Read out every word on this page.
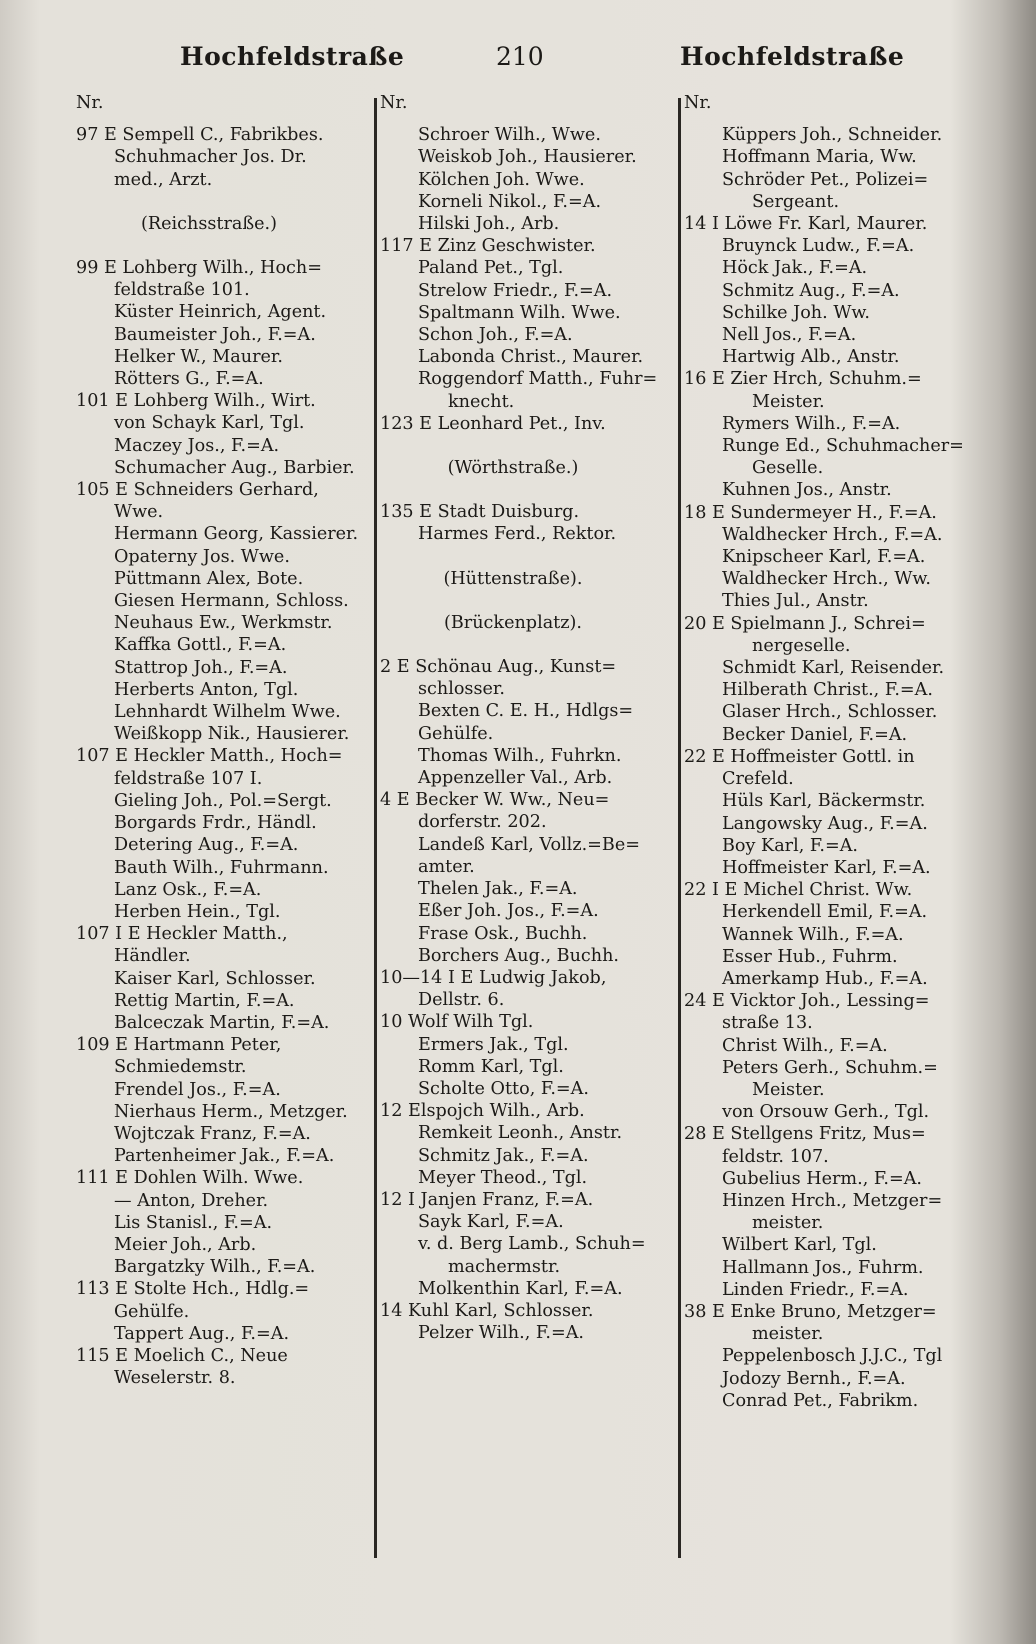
Hochfeldstraße	210	Hochfeldstraße
Nr.
97 E Sempell C., Fabrikbes.
Schuhmacher Jos. Dr.
med., Arzt.
(Reichsstraße.)
99 E Lohberg Wilh., Hoch=
feldstraße 101.
Küster Heinrich, Agent.
Baumeister Joh., F.=A.
Helker W., Maurer.
Rötters G., F.=A.
101 E Lohberg Wilh., Wirt.
von Schayk Karl, Tgl.
Maczey Jos., F.=A.
Schumacher Aug., Barbier.
105 E Schneiders Gerhard,
Wwe.
Hermann Georg, Kassierer.
Opaterny Jos. Wwe.
Püttmann Alex, Bote.
Giesen Hermann, Schloss.
Neuhaus Ew., Werkmstr.
Kaffka Gottl., F.=A.
Stattrop Joh., F.=A.
Herberts Anton, Tgl.
Lehnhardt Wilhelm Wwe.
Weißkopp Nik., Hausierer.
107 E Heckler Matth., Hoch=
feldstraße 107 I.
Gieling Joh., Pol.=Sergt.
Borgards Frdr., Händl.
Detering Aug., F.=A.
Bauth Wilh., Fuhrmann.
Lanz Osk., F.=A.
Herben Hein., Tgl.
107 I E Heckler Matth.,
Händler.
Kaiser Karl, Schlosser.
Rettig Martin, F.=A.
Balceczak Martin, F.=A.
109 E Hartmann Peter,
Schmiedemstr.
Frendel Jos., F.=A.
Nierhaus Herm., Metzger.
Wojtczak Franz, F.=A.
Partenheimer Jak., F.=A.
111 E Dohlen Wilh. Wwe.
— Anton, Dreher.
Lis Stanisl., F.=A.
Meier Joh., Arb.
Bargatzky Wilh., F.=A.
113 E Stolte Hch., Hdlg.=
Gehülfe.
Tappert Aug., F.=A.
115 E Moelich C., Neue
Weselerstr. 8.
Nr.
Schroer Wilh., Wwe.
Weiskob Joh., Hausierer.
Kölchen Joh. Wwe.
Korneli Nikol., F.=A.
Hilski Joh., Arb.
117 E Zinz Geschwister.
Paland Pet., Tgl.
Strelow Friedr., F.=A.
Spaltmann Wilh. Wwe.
Schon Joh., F.=A.
Labonda Christ., Maurer.
Roggendorf Matth., Fuhr=
knecht.
123 E Leonhard Pet., Inv.
(Wörthstraße.)
135 E Stadt Duisburg.
Harmes Ferd., Rektor.
(Hüttenstraße).
(Brückenplatz).
2 E Schönau Aug., Kunst=
schlosser.
Bexten C. E. H., Hdlgs=
Gehülfe.
Thomas Wilh., Fuhrkn.
Appenzeller Val., Arb.
4 E Becker W. Ww., Neu=
dorferstr. 202.
Landeß Karl, Vollz.=Be=
amter.
Thelen Jak., F.=A.
Eßer Joh. Jos., F.=A.
Frase Osk., Buchh.
Borchers Aug., Buchh.
10—14 I E Ludwig Jakob,
Dellstr. 6.
10 Wolf Wilh Tgl.
Ermers Jak., Tgl.
Romm Karl, Tgl.
Scholte Otto, F.=A.
12 Elspojch Wilh., Arb.
Remkeit Leonh., Anstr.
Schmitz Jak., F.=A.
Meyer Theod., Tgl.
12 I Janjen Franz, F.=A.
Sayk Karl, F.=A.
v. d. Berg Lamb., Schuh=
machermstr.
Molkenthin Karl, F.=A.
14 Kuhl Karl, Schlosser.
Pelzer Wilh., F.=A.
Nr.
Küppers Joh., Schneider.
Hoffmann Maria, Ww.
Schröder Pet., Polizei=
Sergeant.
14 I Löwe Fr. Karl, Maurer.
Bruynck Ludw., F.=A.
Höck Jak., F.=A.
Schmitz Aug., F.=A.
Schilke Joh. Ww.
Nell Jos., F.=A.
Hartwig Alb., Anstr.
16 E Zier Hrch, Schuhm.=
Meister.
Rymers Wilh., F.=A.
Runge Ed., Schuhmacher=
Geselle.
Kuhnen Jos., Anstr.
18 E Sundermeyer H., F.=A.
Waldhecker Hrch., F.=A.
Knipscheer Karl, F.=A.
Waldhecker Hrch., Ww.
Thies Jul., Anstr.
20 E Spielmann J., Schrei=
nergeselle.
Schmidt Karl, Reisender.
Hilberath Christ., F.=A.
Glaser Hrch., Schlosser.
Becker Daniel, F.=A.
22 E Hoffmeister Gottl. in
Crefeld.
Hüls Karl, Bäckermstr.
Langowsky Aug., F.=A.
Boy Karl, F.=A.
Hoffmeister Karl, F.=A.
22 I E Michel Christ. Ww.
Herkendell Emil, F.=A.
Wannek Wilh., F.=A.
Esser Hub., Fuhrm.
Amerkamp Hub., F.=A.
24 E Vicktor Joh., Lessing=
straße 13.
Christ Wilh., F.=A.
Peters Gerh., Schuhm.=
Meister.
von Orsouw Gerh., Tgl.
28 E Stellgens Fritz, Mus=
feldstr. 107.
Gubelius Herm., F.=A.
Hinzen Hrch., Metzger=
meister.
Wilbert Karl, Tgl.
Hallmann Jos., Fuhrm.
Linden Friedr., F.=A.
38 E Enke Bruno, Metzger=
meister.
Peppelenbosch J.J.C., Tgl
Jodozy Bernh., F.=A.
Conrad Pet., Fabrikm.
